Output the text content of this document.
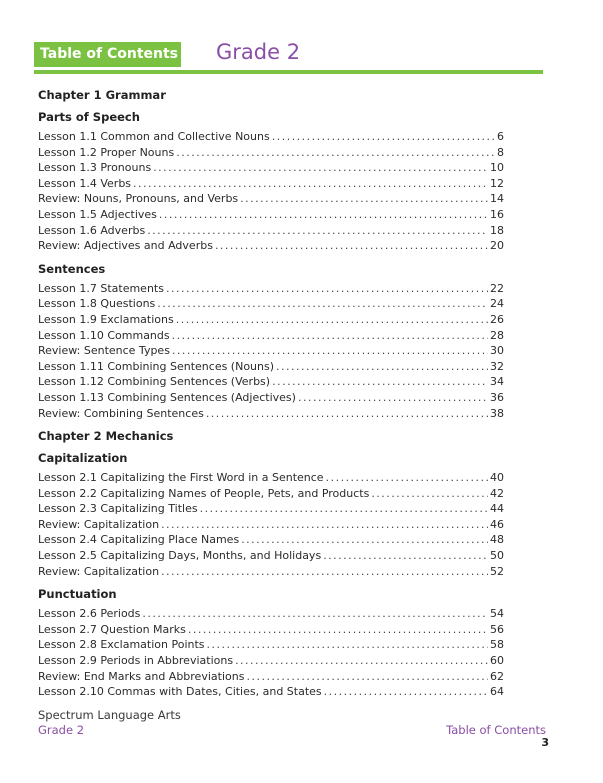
Table of Contents Grade 2
Chapter 1 Grammar
Parts of Speech
Lesson 1.1 Common and Collective Nouns .....	6
Lesson 1.2 Proper Nouns .....	8
Lesson 1.3 Pronouns .....	10
Lesson 1.4 Verbs .....	12
Review: Nouns, Pronouns, and Verbs .....	14
Lesson 1.5 Adjectives .....	16
Lesson 1.6 Adverbs .....	18
Review: Adjectives and Adverbs .....	20
Sentences
Lesson 1.7 Statements .....	22
Lesson 1.8 Questions .....	24
Lesson 1.9 Exclamations .....	26
Lesson 1.10 Commands .....	28
Review: Sentence Types .....	30
Lesson 1.11 Combining Sentences (Nouns) .....	32
Lesson 1.12 Combining Sentences (Verbs) .....	34
Lesson 1.13 Combining Sentences (Adjectives) .....	36
Review: Combining Sentences .....	38
Chapter 2 Mechanics
Capitalization
Lesson 2.1 Capitalizing the First Word in a Sentence .....	40
Lesson 2.2 Capitalizing Names of People, Pets, and Products .....	42
Lesson 2.3 Capitalizing Titles .....	44
Review: Capitalization .....	46
Lesson 2.4 Capitalizing Place Names .....	48
Lesson 2.5 Capitalizing Days, Months, and Holidays .....	50
Review: Capitalization .....	52
Punctuation
Lesson 2.6 Periods .....	54
Lesson 2.7 Question Marks .....	56
Lesson 2.8 Exclamation Points .....	58
Lesson 2.9 Periods in Abbreviations .....	60
Review: End Marks and Abbreviations .....	62
Lesson 2.10 Commas with Dates, Cities, and States .....	64
Spectrum Language Arts
Grade 2	Table of Contents
3
